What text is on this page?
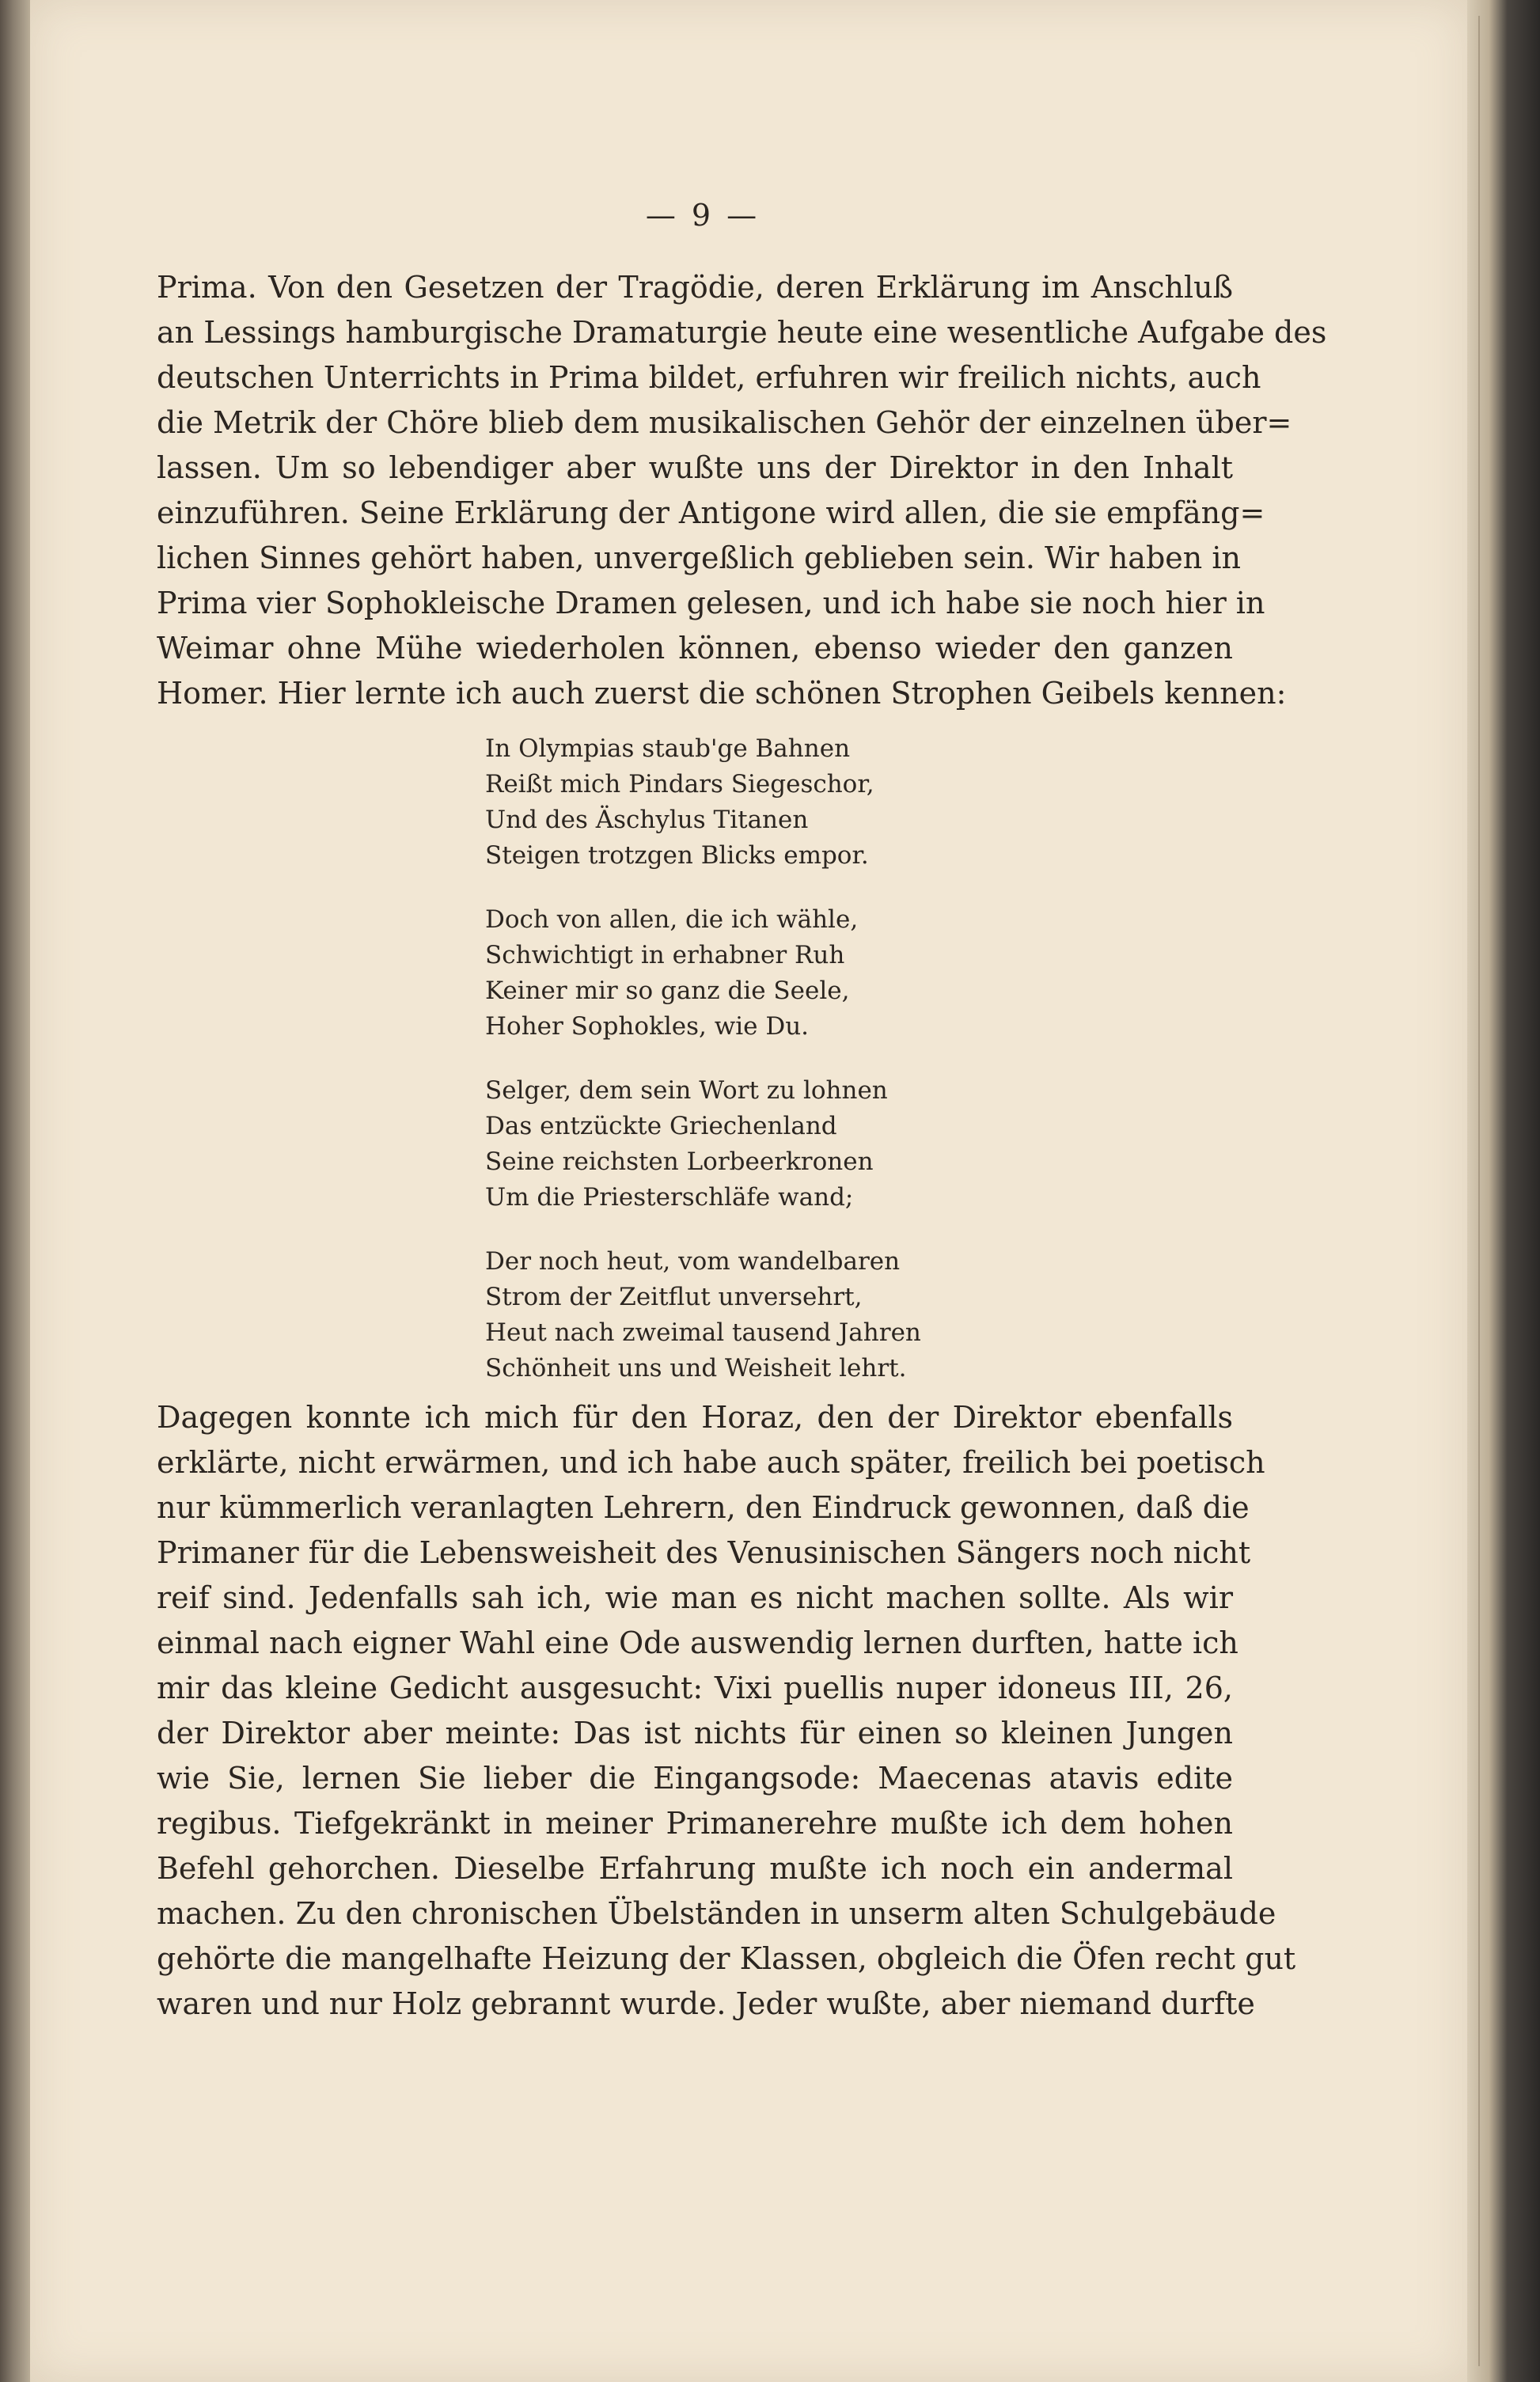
— 9 —
Prima. Von den Gesetzen der Tragödie, deren Erklärung im Anschluß
an Lessings hamburgische Dramaturgie heute eine wesentliche Aufgabe des
deutschen Unterrichts in Prima bildet, erfuhren wir freilich nichts, auch
die Metrik der Chöre blieb dem musikalischen Gehör der einzelnen über=
lassen. Um so lebendiger aber wußte uns der Direktor in den Inhalt
einzuführen. Seine Erklärung der Antigone wird allen, die sie empfäng=
lichen Sinnes gehört haben, unvergeßlich geblieben sein. Wir haben in
Prima vier Sophokleische Dramen gelesen, und ich habe sie noch hier in
Weimar ohne Mühe wiederholen können, ebenso wieder den ganzen
Homer. Hier lernte ich auch zuerst die schönen Strophen Geibels kennen:
In Olympias staub'ge Bahnen
Reißt mich Pindars Siegeschor,
Und des Äschylus Titanen
Steigen trotzgen Blicks empor.
Doch von allen, die ich wähle,
Schwichtigt in erhabner Ruh
Keiner mir so ganz die Seele,
Hoher Sophokles, wie Du.
Selger, dem sein Wort zu lohnen
Das entzückte Griechenland
Seine reichsten Lorbeerkronen
Um die Priesterschläfe wand;
Der noch heut, vom wandelbaren
Strom der Zeitflut unversehrt,
Heut nach zweimal tausend Jahren
Schönheit uns und Weisheit lehrt.
Dagegen konnte ich mich für den Horaz, den der Direktor ebenfalls
erklärte, nicht erwärmen, und ich habe auch später, freilich bei poetisch
nur kümmerlich veranlagten Lehrern, den Eindruck gewonnen, daß die
Primaner für die Lebensweisheit des Venusinischen Sängers noch nicht
reif sind. Jedenfalls sah ich, wie man es nicht machen sollte. Als wir
einmal nach eigner Wahl eine Ode auswendig lernen durften, hatte ich
mir das kleine Gedicht ausgesucht: Vixi puellis nuper idoneus III, 26,
der Direktor aber meinte: Das ist nichts für einen so kleinen Jungen
wie Sie, lernen Sie lieber die Eingangsode: Maecenas atavis edite
regibus. Tiefgekränkt in meiner Primanerehre mußte ich dem hohen
Befehl gehorchen. Dieselbe Erfahrung mußte ich noch ein andermal
machen. Zu den chronischen Übelständen in unserm alten Schulgebäude
gehörte die mangelhafte Heizung der Klassen, obgleich die Öfen recht gut
waren und nur Holz gebrannt wurde. Jeder wußte, aber niemand durfte
